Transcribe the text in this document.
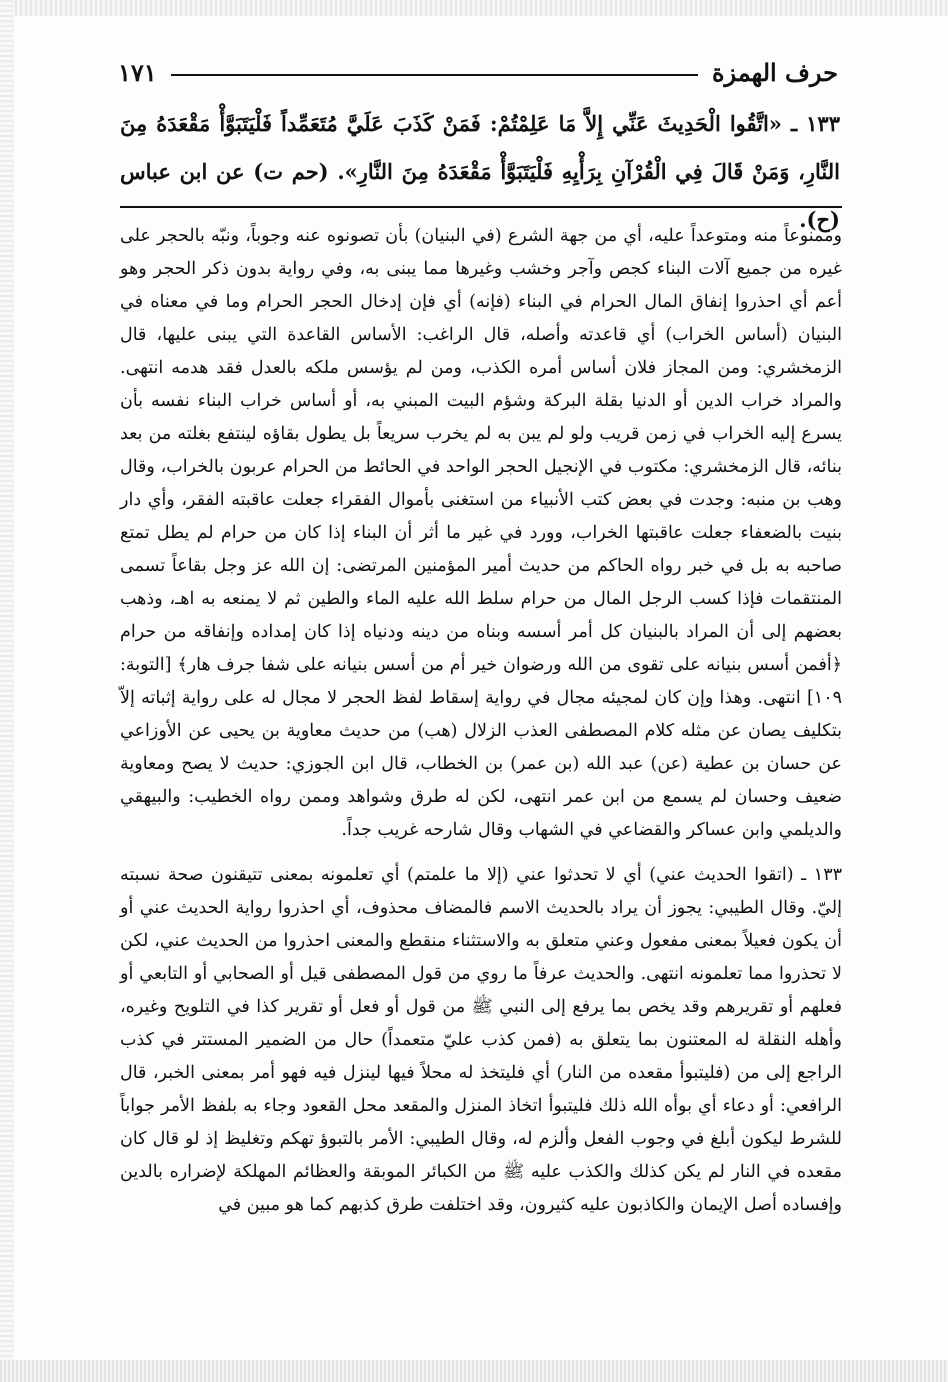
حرف الهمزة
١٧١
١٣٣ ـ «اتَّقُوا الْحَدِيثَ عَنِّي إِلاَّ مَا عَلِمْتُمْ: فَمَنْ كَذَبَ عَلَيَّ مُتَعَمِّداً فَلْيَتَبَوَّأْ مَقْعَدَهُ مِنَ النَّارِ، وَمَنْ قَالَ فِي الْقُرْآنِ بِرَأْيِهِ فَلْيَتَبَوَّأْ مَقْعَدَهُ مِنَ النَّارِ». (حم ت) عن ابن عباس (ح).

وممنوعاً منه ومتوعداً عليه، أي من جهة الشرع (في البنيان) بأن تصونوه عنه وجوباً، ونبّه بالحجر على غيره من جميع آلات البناء كجص وآجر وخشب وغيرها مما يبنى به، وفي رواية بدون ذكر الحجر وهو أعم أي احذروا إنفاق المال الحرام في البناء (فإنه) أي فإن إدخال الحجر الحرام وما في معناه في البنيان (أساس الخراب) أي قاعدته وأصله، قال الراغب: الأساس القاعدة التي يبنى عليها، قال الزمخشري: ومن المجاز فلان أساس أمره الكذب، ومن لم يؤسس ملكه بالعدل فقد هدمه انتهى. والمراد خراب الدين أو الدنيا بقلة البركة وشؤم البيت المبني به، أو أساس خراب البناء نفسه بأن يسرع إليه الخراب في زمن قريب ولو لم يبن به لم يخرب سريعاً بل يطول بقاؤه لينتفع بغلته من بعد بنائه، قال الزمخشري: مكتوب في الإنجيل الحجر الواحد في الحائط من الحرام عربون بالخراب، وقال وهب بن منبه: وجدت في بعض كتب الأنبياء من استغنى بأموال الفقراء جعلت عاقبته الفقر، وأي دار بنيت بالضعفاء جعلت عاقبتها الخراب، وورد في غير ما أثر أن البناء إذا كان من حرام لم يطل تمتع صاحبه به بل في خبر رواه الحاكم من حديث أمير المؤمنين المرتضى: إن الله عز وجل بقاعاً تسمى المنتقمات فإذا كسب الرجل المال من حرام سلط الله عليه الماء والطين ثم لا يمنعه به اهـ، وذهب بعضهم إلى أن المراد بالبنيان كل أمر أسسه وبناه من دينه ودنياه إذا كان إمداده وإنفاقه من حرام ﴿أفمن أسس بنيانه على تقوى من الله ورضوان خير أم من أسس بنيانه على شفا جرف هار﴾ [التوبة: ١٠٩] انتهى. وهذا وإن كان لمجيئه مجال في رواية إسقاط لفظ الحجر لا مجال له على رواية إثباته إلاّ بتكليف يصان عن مثله كلام المصطفى العذب الزلال (هب) من حديث معاوية بن يحيى عن الأوزاعي عن حسان بن عطية (عن) عبد الله (بن عمر) بن الخطاب، قال ابن الجوزي: حديث لا يصح ومعاوية ضعيف وحسان لم يسمع من ابن عمر انتهى، لكن له طرق وشواهد وممن رواه الخطيب: والبيهقي والديلمي وابن عساكر والقضاعي في الشهاب وقال شارحه غريب جداً.

١٣٣ ـ (اتقوا الحديث عني) أي لا تحدثوا عني (إلا ما علمتم) أي تعلمونه بمعنى تتيقنون صحة نسبته إليّ. وقال الطيبي: يجوز أن يراد بالحديث الاسم فالمضاف محذوف، أي احذروا رواية الحديث عني أو أن يكون فعيلاً بمعنى مفعول وعني متعلق به والاستثناء منقطع والمعنى احذروا من الحديث عني، لكن لا تحذروا مما تعلمونه انتهى. والحديث عرفاً ما روي من قول المصطفى قيل أو الصحابي أو التابعي أو فعلهم أو تقريرهم وقد يخص بما يرفع إلى النبي ﷺ من قول أو فعل أو تقرير كذا في التلويح وغيره، وأهله النقلة له المعتنون بما يتعلق به (فمن كذب عليّ متعمداً) حال من الضمير المستتر في كذب الراجع إلى من (فليتبوأ مقعده من النار) أي فليتخذ له محلاً فيها لينزل فيه فهو أمر بمعنى الخبر، قال الرافعي: أو دعاء أي بوأه الله ذلك فليتبوأ اتخاذ المنزل والمقعد محل القعود وجاء به بلفظ الأمر جواباً للشرط ليكون أبلغ في وجوب الفعل وألزم له، وقال الطيبي: الأمر بالتبوؤ تهكم وتغليظ إذ لو قال كان مقعده في النار لم يكن كذلك والكذب عليه ﷺ من الكبائر الموبقة والعظائم المهلكة لإضراره بالدين وإفساده أصل الإيمان والكاذبون عليه كثيرون، وقد اختلفت طرق كذبهم كما هو مبين في
